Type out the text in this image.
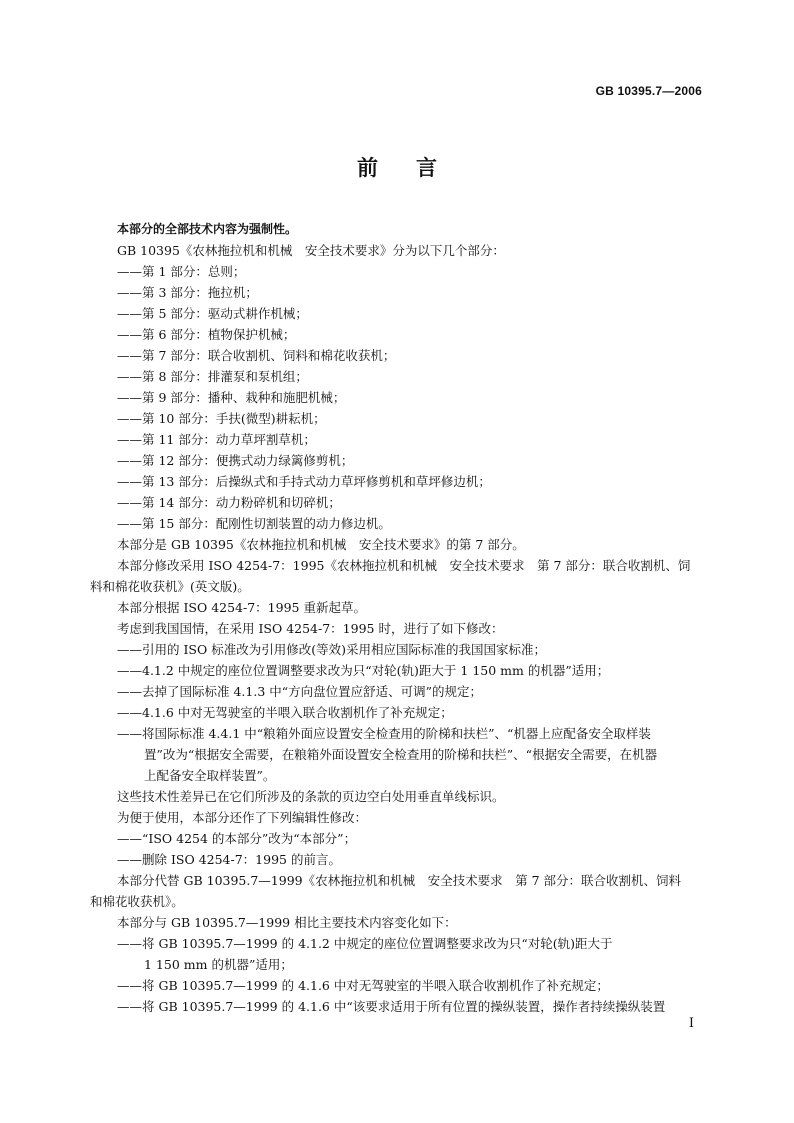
GB 10395.7—2006
前言
本部分的全部技术内容为强制性。
GB 10395《农林拖拉机和机械　安全技术要求》分为以下几个部分：
——第 1 部分：总则；
——第 3 部分：拖拉机；
——第 5 部分：驱动式耕作机械；
——第 6 部分：植物保护机械；
——第 7 部分：联合收割机、饲料和棉花收获机；
——第 8 部分：排灌泵和泵机组；
——第 9 部分：播种、栽种和施肥机械；
——第 10 部分：手扶(微型)耕耘机；
——第 11 部分：动力草坪割草机；
——第 12 部分：便携式动力绿篱修剪机；
——第 13 部分：后操纵式和手持式动力草坪修剪机和草坪修边机；
——第 14 部分：动力粉碎机和切碎机；
——第 15 部分：配刚性切割装置的动力修边机。
本部分是 GB 10395《农林拖拉机和机械　安全技术要求》的第 7 部分。
本部分修改采用 ISO 4254-7：1995《农林拖拉机和机械　安全技术要求　第 7 部分：联合收割机、饲
料和棉花收获机》(英文版)。
本部分根据 ISO 4254-7：1995 重新起草。
考虑到我国国情，在采用 ISO 4254-7：1995 时，进行了如下修改：
——引用的 ISO 标准改为引用修改(等效)采用相应国际标准的我国国家标准；
——4.1.2 中规定的座位位置调整要求改为只“对轮(轨)距大于 1 150 mm 的机器”适用；
——去掉了国际标准 4.1.3 中“方向盘位置应舒适、可调”的规定；
——4.1.6 中对无驾驶室的半喂入联合收割机作了补充规定；
——将国际标准 4.4.1 中“粮箱外面应设置安全检查用的阶梯和扶栏”、“机器上应配备安全取样装
置”改为“根据安全需要，在粮箱外面设置安全检查用的阶梯和扶栏”、“根据安全需要，在机器
上配备安全取样装置”。
这些技术性差异已在它们所涉及的条款的页边空白处用垂直单线标识。
为便于使用，本部分还作了下列编辑性修改：
——“ISO 4254 的本部分”改为“本部分”；
——删除 ISO 4254-7：1995 的前言。
本部分代替 GB 10395.7—1999《农林拖拉机和机械　安全技术要求　第 7 部分：联合收割机、饲料
和棉花收获机》。
本部分与 GB 10395.7—1999 相比主要技术内容变化如下：
——将 GB 10395.7—1999 的 4.1.2 中规定的座位位置调整要求改为只“对轮(轨)距大于
1 150 mm 的机器”适用；
——将 GB 10395.7—1999 的 4.1.6 中对无驾驶室的半喂入联合收割机作了补充规定；
——将 GB 10395.7—1999 的 4.1.6 中“该要求适用于所有位置的操纵装置，操作者持续操纵装置
I
